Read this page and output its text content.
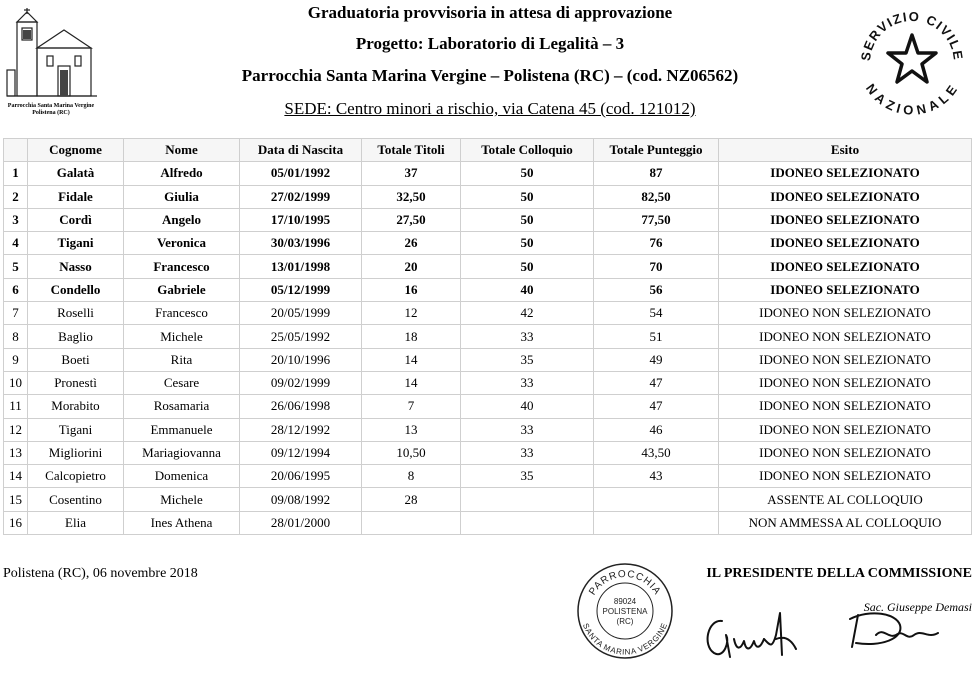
Parrocchia Santa Marina Vergine
Polistena (RC)
Graduatoria provvisoria in attesa di approvazione
Progetto: Laboratorio di Legalità – 3
Parrocchia Santa Marina Vergine – Polistena (RC) – (cod. NZ06562)
SEDE: Centro minori a rischio, via Catena 45 (cod. 121012)
SERVIZIO CIVILE
NAZIONALE
	Cognome	Nome	Data di Nascita	Totale Titoli	Totale Colloquio	Totale Punteggio	Esito
1	Galatà	Alfredo	05/01/1992	37	50	87	IDONEO SELEZIONATO
2	Fidale	Giulia	27/02/1999	32,50	50	82,50	IDONEO SELEZIONATO
3	Cordì	Angelo	17/10/1995	27,50	50	77,50	IDONEO SELEZIONATO
4	Tigani	Veronica	30/03/1996	26	50	76	IDONEO SELEZIONATO
5	Nasso	Francesco	13/01/1998	20	50	70	IDONEO SELEZIONATO
6	Condello	Gabriele	05/12/1999	16	40	56	IDONEO SELEZIONATO
7	Roselli	Francesco	20/05/1999	12	42	54	IDONEO NON SELEZIONATO
8	Baglio	Michele	25/05/1992	18	33	51	IDONEO NON SELEZIONATO
9	Boeti	Rita	20/10/1996	14	35	49	IDONEO NON SELEZIONATO
10	Pronestì	Cesare	09/02/1999	14	33	47	IDONEO NON SELEZIONATO
11	Morabito	Rosamaria	26/06/1998	7	40	47	IDONEO NON SELEZIONATO
12	Tigani	Emmanuele	28/12/1992	13	33	46	IDONEO NON SELEZIONATO
13	Migliorini	Mariagiovanna	09/12/1994	10,50	33	43,50	IDONEO NON SELEZIONATO
14	Calcopietro	Domenica	20/06/1995	8	35	43	IDONEO NON SELEZIONATO
15	Cosentino	Michele	09/08/1992	28			ASSENTE AL COLLOQUIO
16	Elia	Ines Athena	28/01/2000				NON AMMESSA AL COLLOQUIO
Polistena (RC), 06 novembre 2018	IL PRESIDENTE DELLA COMMISSIONE
Sac. Giuseppe Demasi
PARROCCHIA
SANTA MARINA VERGINE
89024
POLISTENA
(RC)
